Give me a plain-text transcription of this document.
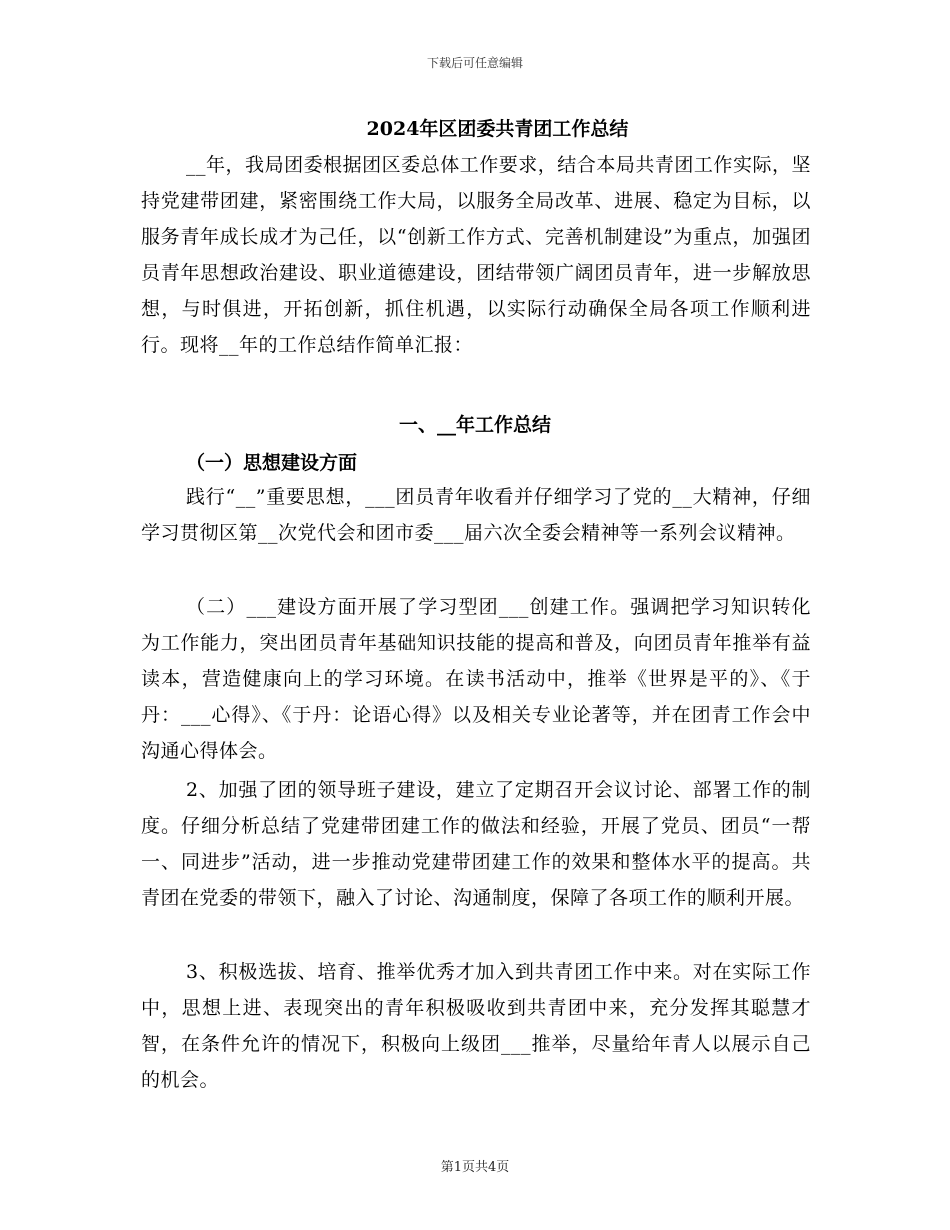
下载后可任意编辑
2024年区团委共青团工作总结

__年，我局团委根据团区委总体工作要求，结合本局共青团工作实际，坚持党建带团建，紧密围绕工作大局，以服务全局改革、进展、稳定为目标，以服务青年成长成才为己任，以“创新工作方式、完善机制建设”为重点，加强团员青年思想政治建设、职业道德建设，团结带领广阔团员青年，进一步解放思想，与时俱进，开拓创新，抓住机遇，以实际行动确保全局各项工作顺利进行。现将__年的工作总结作简单汇报：

一、__年工作总结
（一）思想建设方面

践行“__”重要思想，___团员青年收看并仔细学习了党的__大精神，仔细学习贯彻区第__次党代会和团市委___届六次全委会精神等一系列会议精神。

（二）___建设方面开展了学习型团___创建工作。强调把学习知识转化为工作能力，突出团员青年基础知识技能的提高和普及，向团员青年推举有益读本，营造健康向上的学习环境。在读书活动中，推举《世界是平的》、《于丹：___心得》、《于丹：论语心得》以及相关专业论著等，并在团青工作会中沟通心得体会。

2、加强了团的领导班子建设，建立了定期召开会议讨论、部署工作的制度。仔细分析总结了党建带团建工作的做法和经验，开展了党员、团员“一帮一、同进步”活动，进一步推动党建带团建工作的效果和整体水平的提高。共青团在党委的带领下，融入了讨论、沟通制度，保障了各项工作的顺利开展。

3、积极选拔、培育、推举优秀才加入到共青团工作中来。对在实际工作中，思想上进、表现突出的青年积极吸收到共青团中来，充分发挥其聪慧才智，在条件允许的情况下，积极向上级团___推举，尽量给年青人以展示自己的机会。

第1页共4页
